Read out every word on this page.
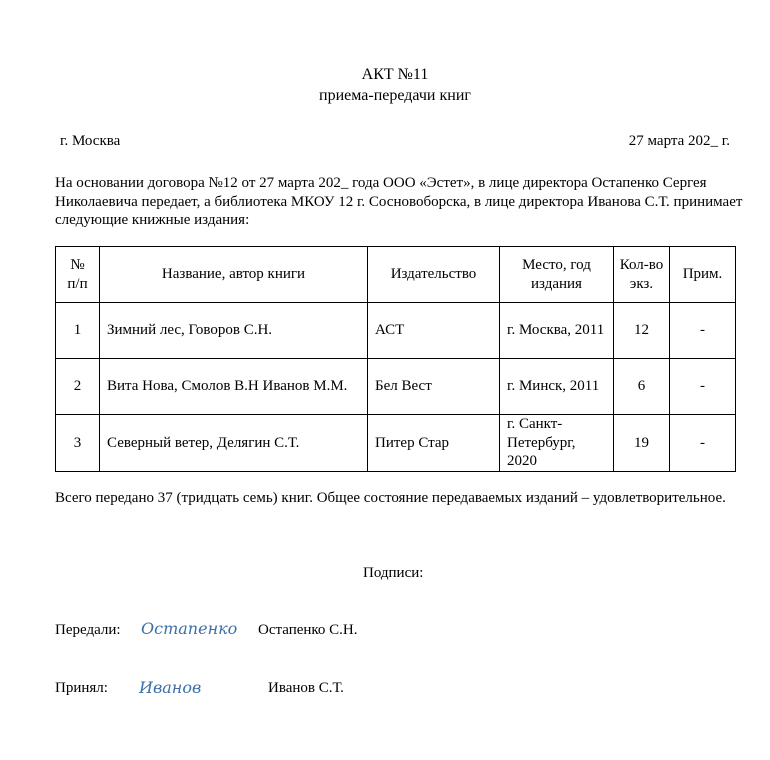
АКТ №11
приема-передачи книг
г. Москва	27 марта 202_ г.
На основании договора №12 от 27 марта 202_ года ООО «Эстет», в лице директора Остапенко Сергея Николаевича передает, а библиотека МКОУ 12 г. Сосновоборска, в лице директора Иванова С.Т. принимает следующие книжные издания:
№ п/п	Название, автор книги	Издательство	Место, год издания	Кол-во экз.	Прим.
1	Зимний лес, Говоров С.Н.	АСТ	г. Москва, 2011	12	-
2	Вита Нова, Смолов В.Н Иванов М.М.	Бел Вест	г. Минск, 2011	6	-
3	Северный ветер, Делягин С.Т.	Питер Стар	г. Санкт-Петербург, 2020	19	-
Всего передано 37 (тридцать семь) книг. Общее состояние передаваемых изданий – удовлетворительное.
Подписи:
Передали: Остапенко Остапенко С.Н.
Принял: Иванов	Иванов С.Т.
